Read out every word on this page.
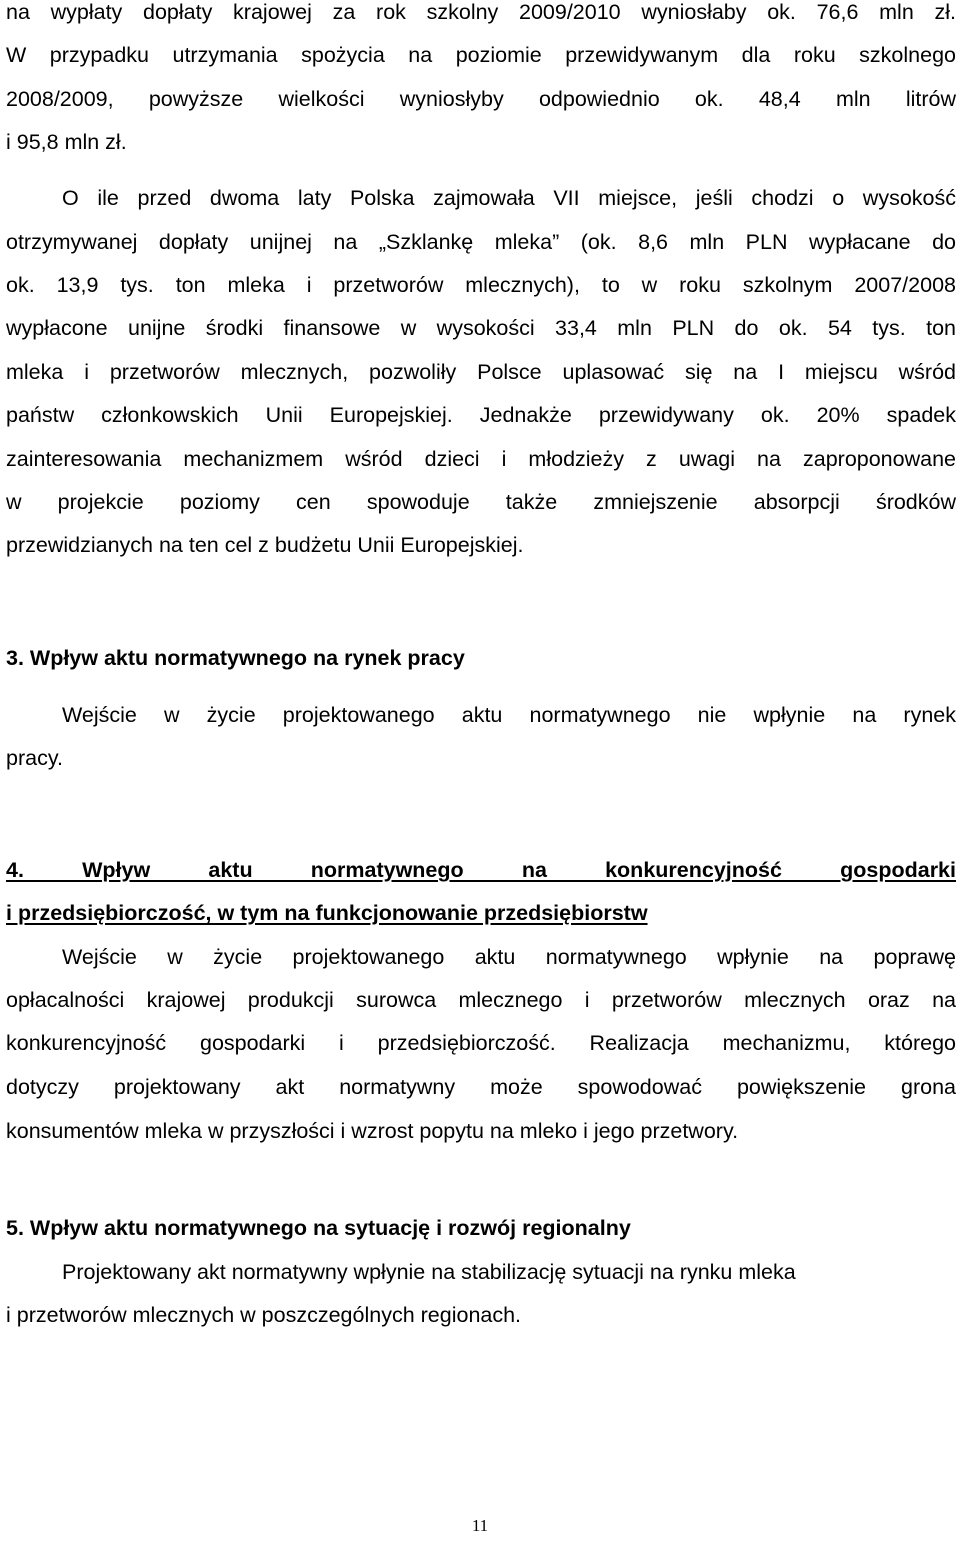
na wypłaty dopłaty krajowej za rok szkolny 2009/2010 wyniosłaby ok. 76,6 mln zł.
W przypadku utrzymania spożycia na poziomie przewidywanym dla roku szkolnego
2008/2009, powyższe wielkości wyniosłyby odpowiednio ok. 48,4 mln litrów
i 95,8 mln zł.
O ile przed dwoma laty Polska zajmowała VII miejsce, jeśli chodzi o wysokość
otrzymywanej dopłaty unijnej na „Szklankę mleka” (ok. 8,6 mln PLN wypłacane do
ok. 13,9 tys. ton mleka i przetworów mlecznych), to w roku szkolnym 2007/2008
wypłacone unijne środki finansowe w wysokości 33,4 mln PLN do ok. 54 tys. ton
mleka i przetworów mlecznych, pozwoliły Polsce uplasować się na I miejscu wśród
państw członkowskich Unii Europejskiej. Jednakże przewidywany ok. 20% spadek
zainteresowania mechanizmem wśród dzieci i młodzieży z uwagi na zaproponowane
w projekcie poziomy cen spowoduje także zmniejszenie absorpcji środków
przewidzianych na ten cel z budżetu Unii Europejskiej.
3. Wpływ aktu normatywnego na rynek pracy
Wejście w życie projektowanego aktu normatywnego nie wpłynie na rynek
pracy.
4. Wpływ aktu normatywnego na konkurencyjność gospodarki
i przedsiębiorczość, w tym na funkcjonowanie przedsiębiorstw
Wejście w życie projektowanego aktu normatywnego wpłynie na poprawę
opłacalności krajowej produkcji surowca mlecznego i przetworów mlecznych oraz na
konkurencyjność gospodarki i przedsiębiorczość. Realizacja mechanizmu, którego
dotyczy projektowany akt normatywny może spowodować powiększenie grona
konsumentów mleka w przyszłości i wzrost popytu na mleko i jego przetwory.
5. Wpływ aktu normatywnego na sytuację i rozwój regionalny
Projektowany akt normatywny wpłynie na stabilizację sytuacji na rynku mleka
i przetworów mlecznych w poszczególnych regionach.
11
